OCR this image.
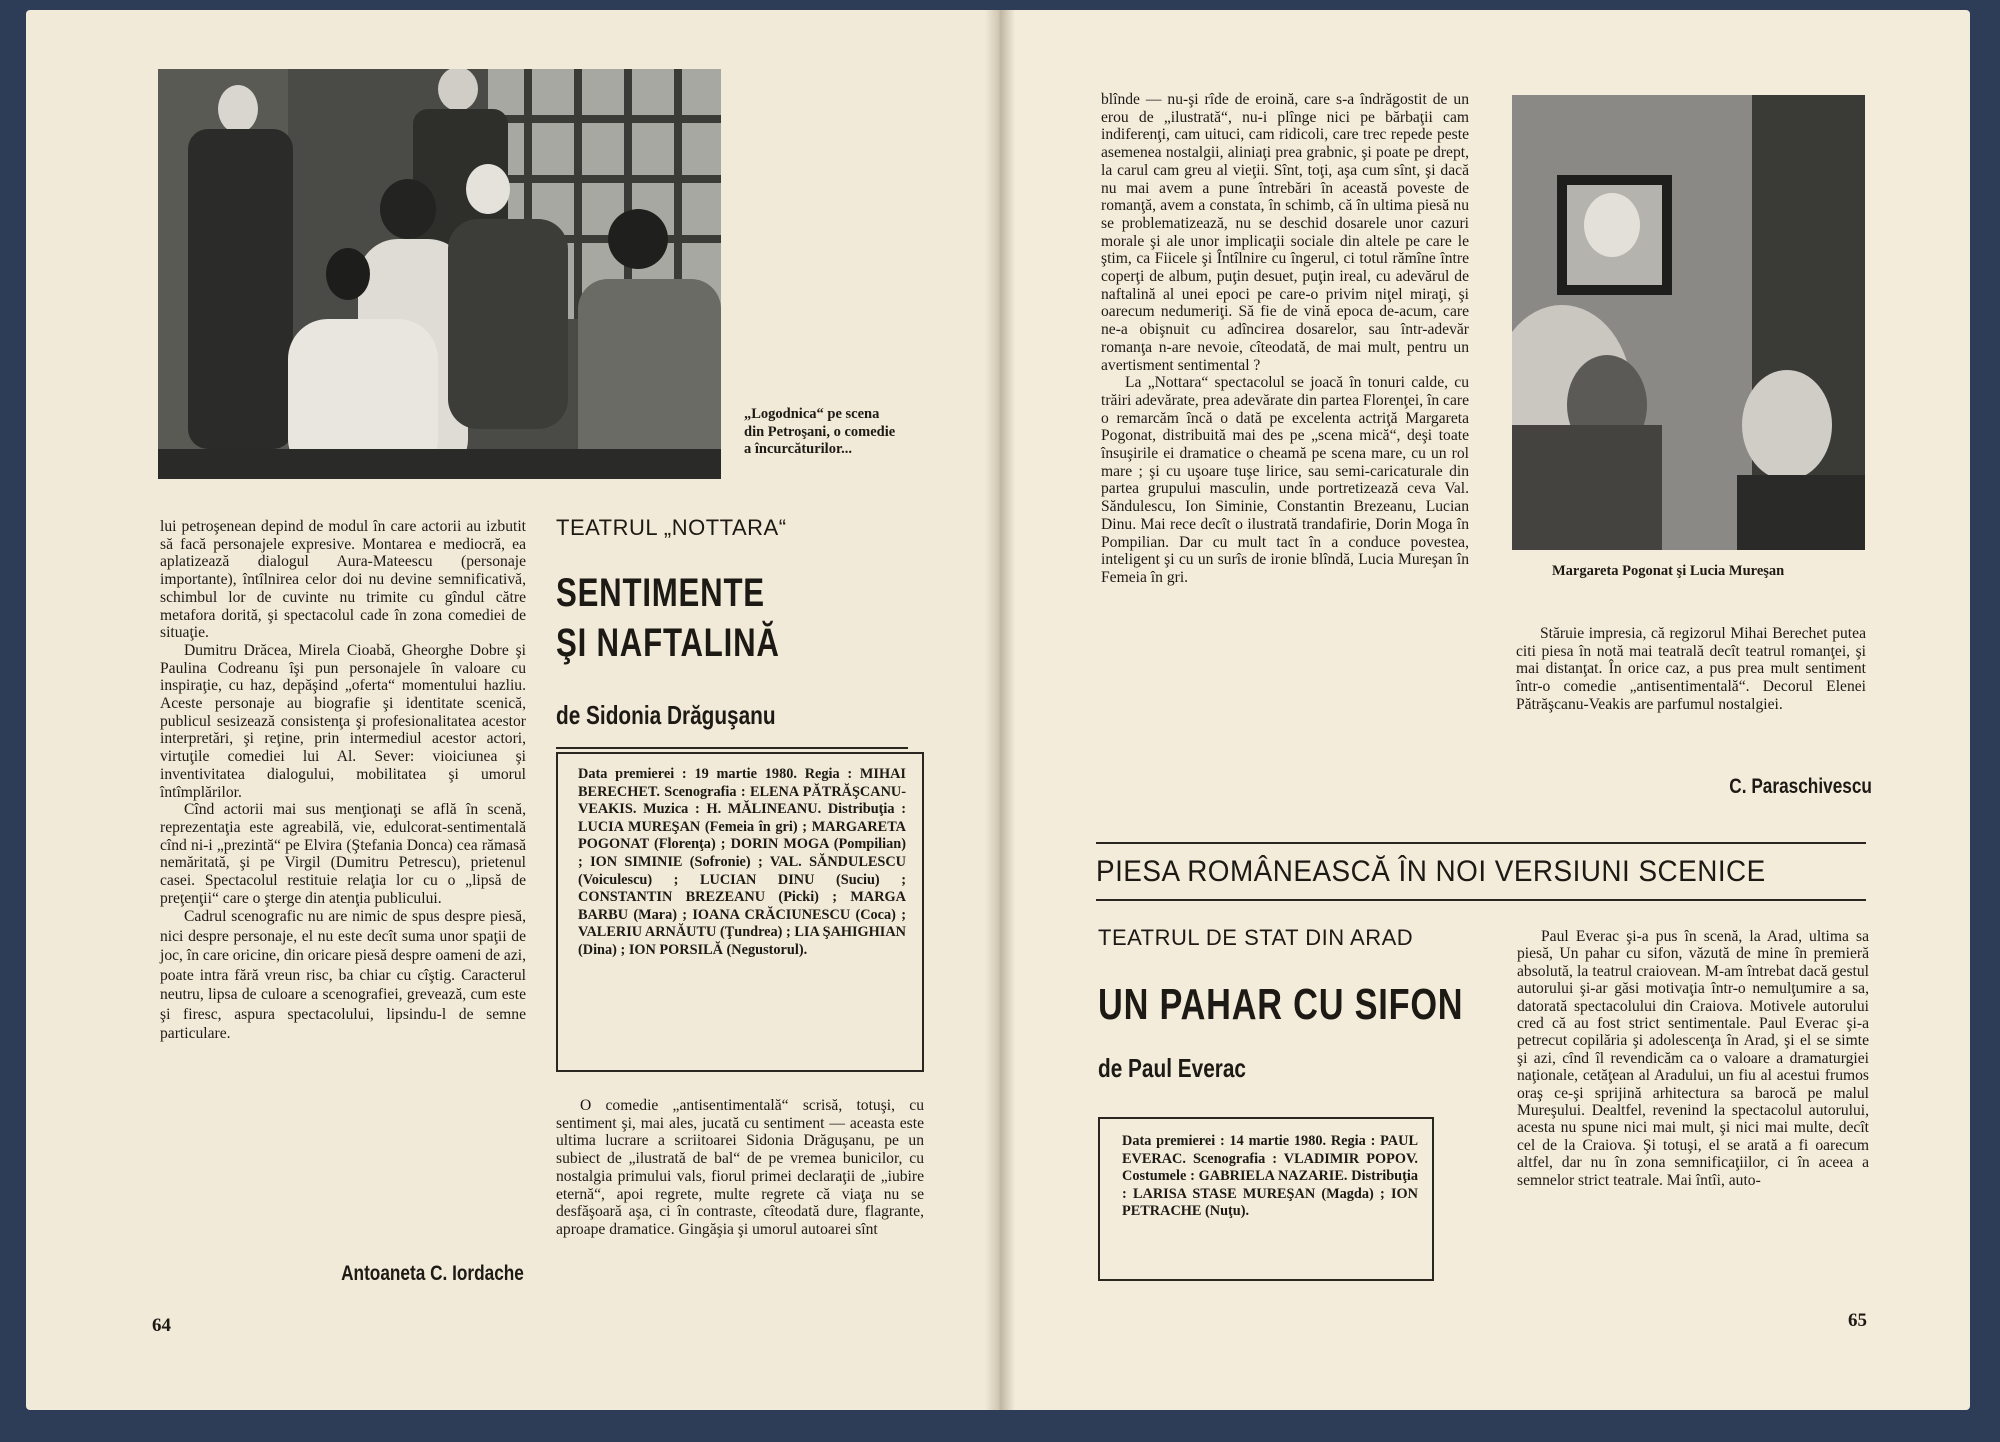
„Logodnica“ pe scena din Petroşani, o comedie a încurcăturilor...

lui petroşenean depind de modul în care actorii au izbutit să facă personajele expresive. Montarea e mediocră, ea aplatizează dialogul Aura-Mateescu (personaje importante), întîlnirea celor doi nu devine semnificativă, schimbul lor de cuvinte nu trimite cu gîndul către metafora dorită, şi spectacolul cade în zona comediei de situaţie.

Dumitru Drăcea, Mirela Cioabă, Gheorghe Dobre şi Paulina Codreanu îşi pun personajele în valoare cu inspiraţie, cu haz, depăşind „oferta“ momentului hazliu. Aceste personaje au biografie şi identitate scenică, publicul sesizează consistenţa şi profesionalitatea acestor interpretări, şi reţine, prin intermediul acestor actori, virtuţile comediei lui Al. Sever: vioiciunea şi inventivitatea dialogului, mobilitatea şi umorul întîmplărilor.

Cînd actorii mai sus menţionaţi se află în scenă, reprezentaţia este agreabilă, vie, edulcorat-sentimentală cînd ni-i „prezintă“ pe Elvira (Ştefania Donca) cea rămasă nemăritată, şi pe Virgil (Dumitru Petrescu), prietenul casei. Spectacolul restituie relaţia lor cu o „lipsă de preţenţii“ care o şterge din atenţia publicului.

Cadrul scenografic nu are nimic de spus despre piesă, nici despre personaje, el nu este decît suma unor spaţii de joc, în care oricine, din oricare piesă despre oameni de azi, poate intra fără vreun risc, ba chiar cu cîştig. Caracterul neutru, lipsa de culoare a scenografiei, grevează, cum este şi firesc, aspura spectacolului, lipsindu-l de semne particulare.

Antoaneta C. Iordache
64
TEATRUL „NOTTARA“
SENTIMENTE
ŞI NAFTALINĂ
de Sidonia Drăguşanu
Data premierei : 19 martie 1980. Regia : MIHAI BERECHET. Scenografia : ELENA PĂTRĂŞCANU-VEAKIS. Muzica : H. MĂLINEANU. Distribuţia : LUCIA MUREŞAN (Femeia în gri) ; MARGARETA POGONAT (Florenţa) ; DORIN MOGA (Pompilian) ; ION SIMINIE (Sofronie) ; VAL. SĂNDULESCU (Voiculescu) ; LUCIAN DINU (Suciu) ; CONSTANTIN BREZEANU (Picki) ; MARGA BARBU (Mara) ; IOANA CRĂCIUNESCU (Coca) ; VALERIU ARNĂUTU (Ţundrea) ; LIA ŞAHIGHIAN (Dina) ; ION PORSILĂ (Negustorul).

O comedie „antisentimentală“ scrisă, totuşi, cu sentiment şi, mai ales, jucată cu sentiment — aceasta este ultima lucrare a scriitoarei Sidonia Drăguşanu, pe un subiect de „ilustrată de bal“ de pe vremea bunicilor, cu nostalgia primului vals, fiorul primei declaraţii de „iubire eternă“, apoi regrete, multe regrete că viaţa nu se desfăşoară aşa, ci în contraste, cîteodată dure, flagrante, aproape dramatice. Gingăşia şi umorul autoarei sînt

blînde — nu-şi rîde de eroină, care s-a îndrăgostit de un erou de „ilustrată“, nu-i plînge nici pe bărbaţii cam indiferenţi, cam uituci, cam ridicoli, care trec repede peste asemenea nostalgii, aliniaţi prea grabnic, şi poate pe drept, la carul cam greu al vieţii. Sînt, toţi, aşa cum sînt, şi dacă nu mai avem a pune întrebări în această poveste de romanţă, avem a constata, în schimb, că în ultima piesă nu se problematizează, nu se deschid dosarele unor cazuri morale şi ale unor implicaţii sociale din altele pe care le ştim, ca Fiicele şi Întîlnire cu îngerul, ci totul rămîne între coperţi de album, puţin desuet, puţin ireal, cu adevărul de naftalină al unei epoci pe care-o privim niţel miraţi, şi oarecum nedumeriţi. Să fie de vină epoca de-acum, care ne-a obişnuit cu adîncirea dosarelor, sau într-adevăr romanţa n-are nevoie, cîteodată, de mai mult, pentru un avertisment sentimental ?

La „Nottara“ spectacolul se joacă în tonuri calde, cu trăiri adevărate, prea adevărate din partea Florenţei, în care o remarcăm încă o dată pe excelenta actriţă Margareta Pogonat, distribuită mai des pe „scena mică“, deşi toate însuşirile ei dramatice o cheamă pe scena mare, cu un rol mare ; şi cu uşoare tuşe lirice, sau semi-caricaturale din partea grupului masculin, unde portretizează ceva Val. Săndulescu, Ion Siminie, Constantin Brezeanu, Lucian Dinu. Mai rece decît o ilustrată trandafirie, Dorin Moga în Pompilian. Dar cu mult tact în a conduce povestea, inteligent şi cu un surîs de ironie blîndă, Lucia Mureşan în Femeia în gri.	Margareta Pogonat şi Lucia Mureşan

Stăruie impresia, că regizorul Mihai Berechet putea citi piesa în notă mai teatrală decît teatrul romanţei, şi mai distanţat. În orice caz, a pus prea mult sentiment într-o comedie „antisentimentală“. Decorul Elenei Pătrăşcanu-Veakis are parfumul nostalgiei.

C. Paraschivescu
PIESA ROMÂNEASCĂ ÎN NOI VERSIUNI SCENICE
TEATRUL DE STAT DIN ARAD
UN PAHAR CU SIFON
de Paul Everac
Data premierei : 14 martie 1980. Regia : PAUL EVERAC. Scenografia : VLADIMIR POPOV. Costumele : GABRIELA NAZARIE. Distribuţia : LARISA STASE MUREŞAN (Magda) ; ION PETRACHE (Nuţu).

Paul Everac şi-a pus în scenă, la Arad, ultima sa piesă, Un pahar cu sifon, văzută de mine în premieră absolută, la teatrul craiovean. M-am întrebat dacă gestul autorului şi-ar găsi motivaţia într-o nemulţumire a sa, datorată spectacolului din Craiova. Motivele autorului cred că au fost strict sentimentale. Paul Everac şi-a petrecut copilăria şi adolescenţa în Arad, şi el se simte şi azi, cînd îl revendicăm ca o valoare a dramaturgiei naţionale, cetăţean al Aradului, un fiu al acestui frumos oraş ce-şi sprijină arhitectura sa barocă pe malul Mureşului. Dealtfel, revenind la spectacolul autorului, acesta nu spune nici mai mult, şi nici mai multe, decît cel de la Craiova. Şi totuşi, el se arată a fi oarecum altfel, dar nu în zona semnificaţiilor, ci în aceea a semnelor strict teatrale. Mai întîi, auto-

65
